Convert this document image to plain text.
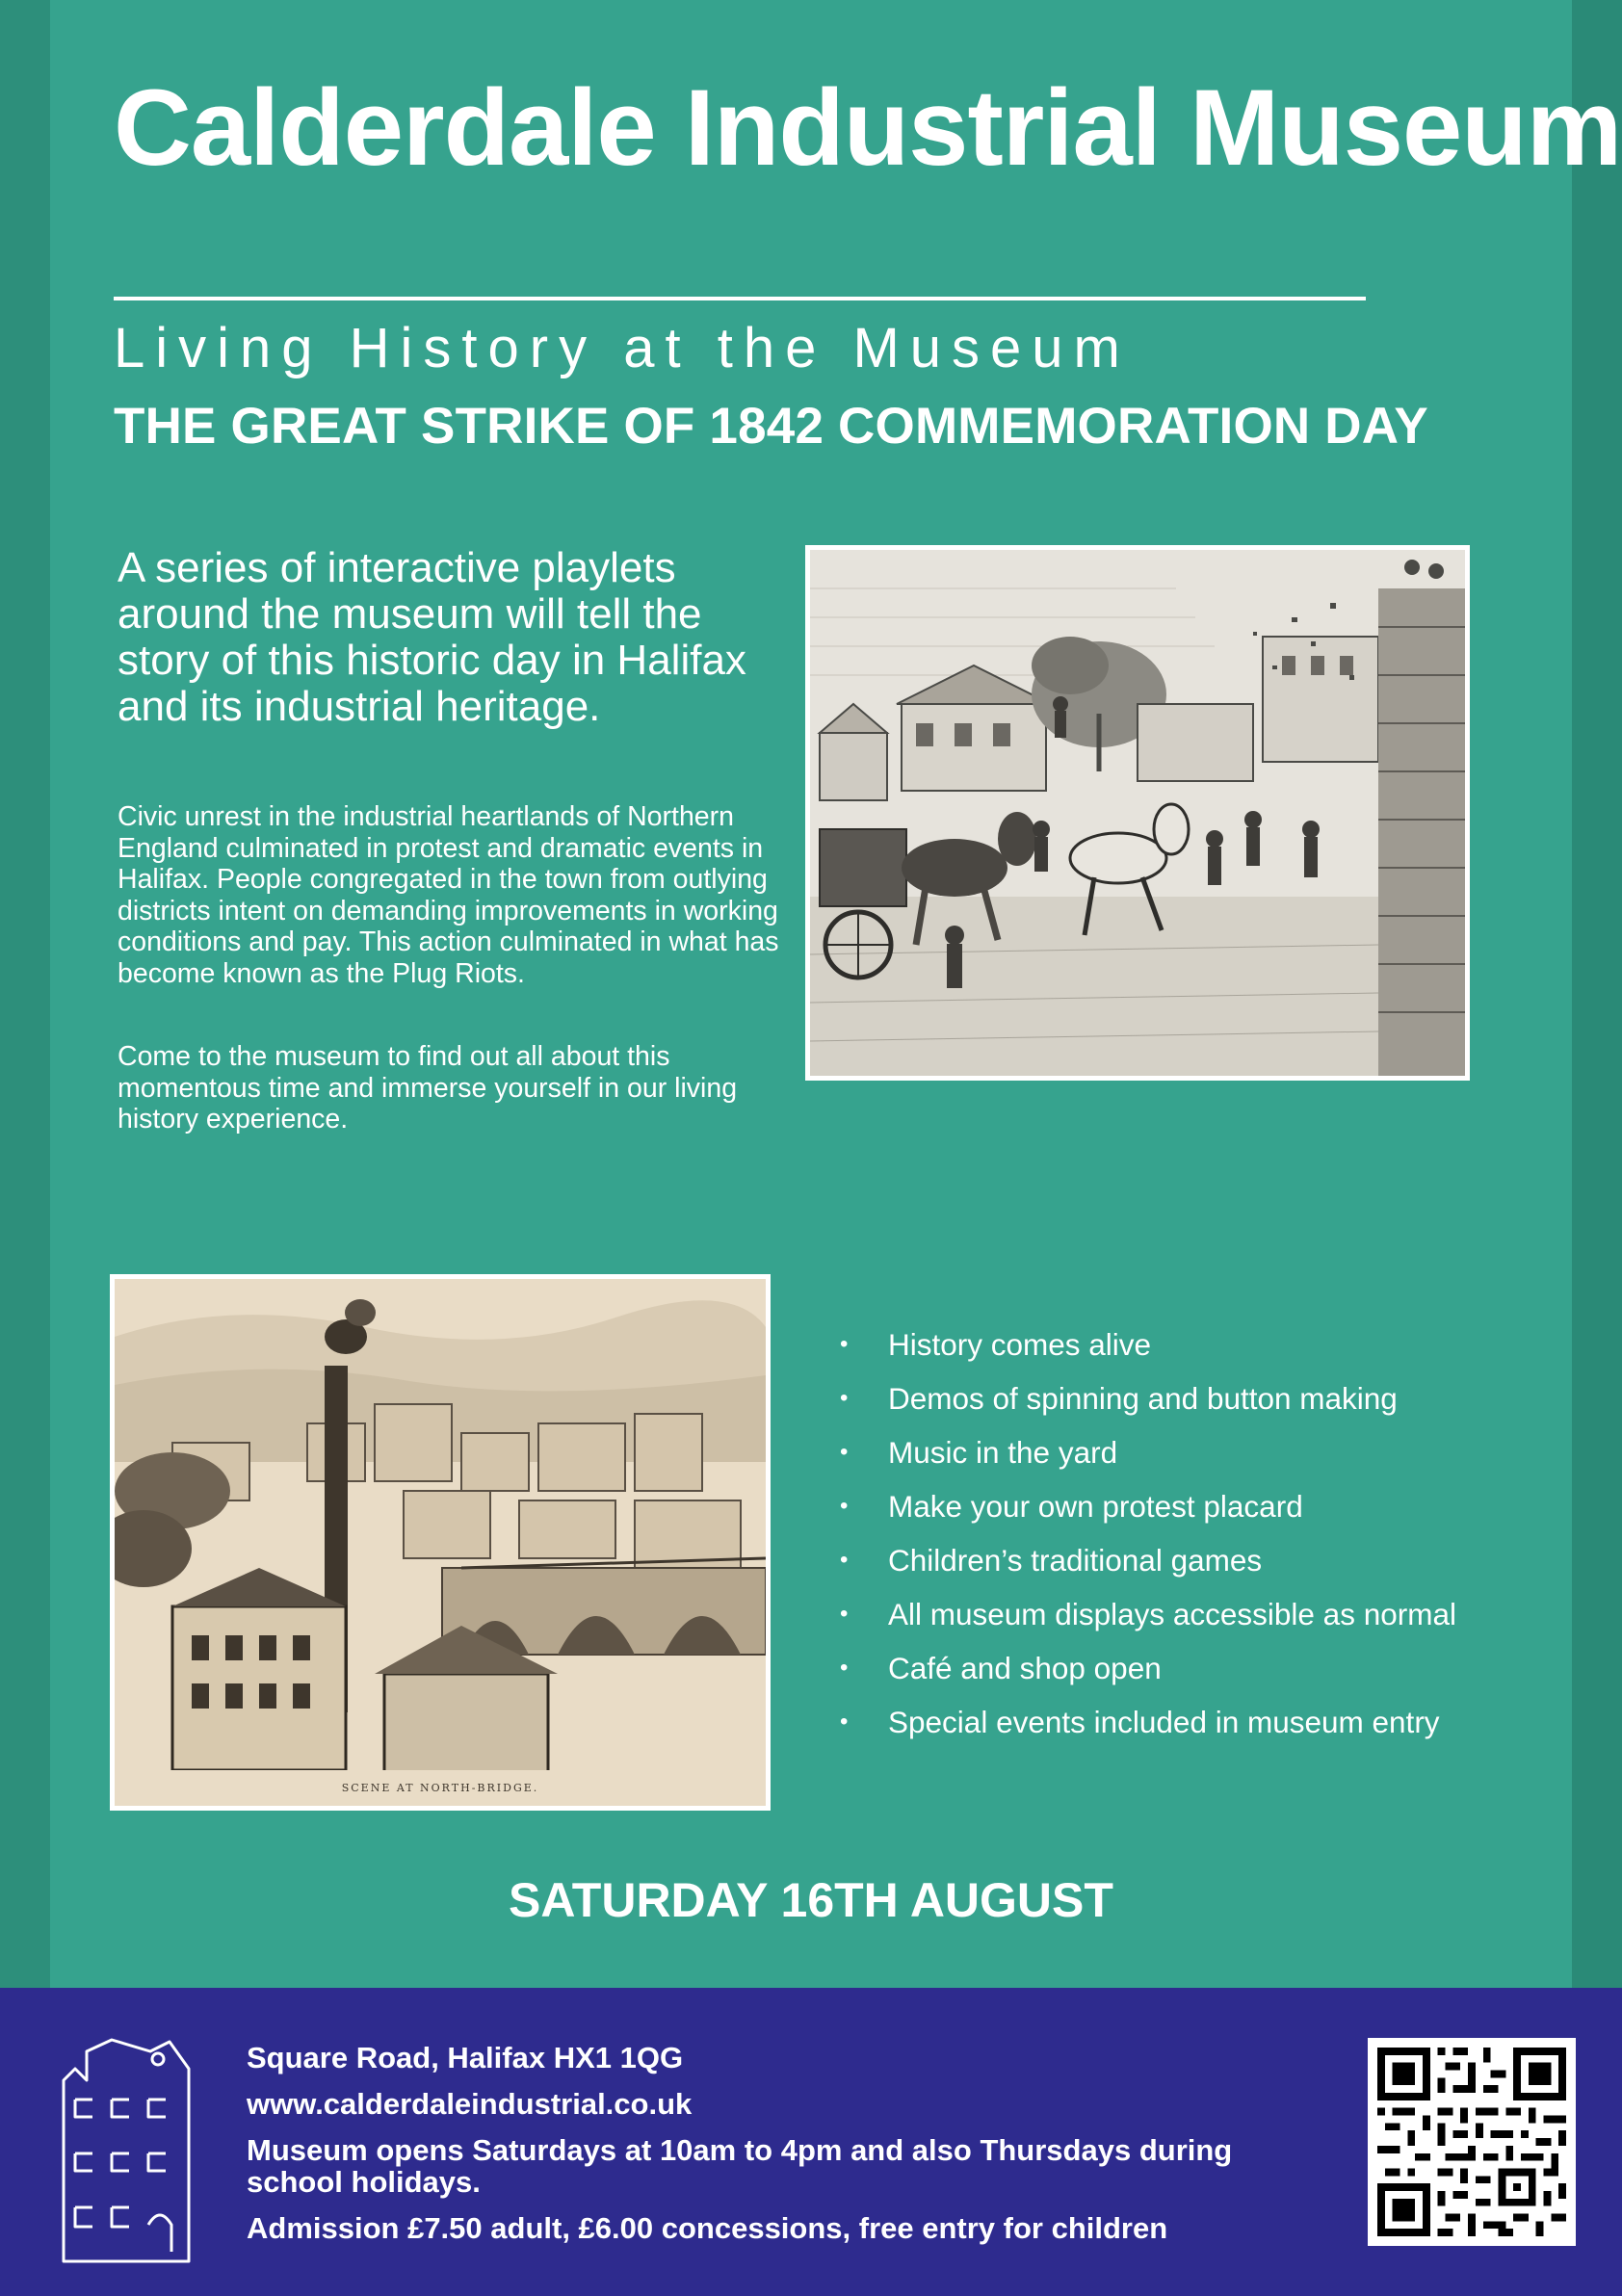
Calderdale Industrial Museum
Living History at the Museum
THE GREAT STRIKE OF 1842 COMMEMORATION DAY
A series of interactive playlets around the museum will tell the story of this historic day in Halifax and its industrial heritage.
Civic unrest in the industrial heartlands of Northern England culminated in protest and dramatic events in Halifax. People congregated in the town from outlying districts intent on demanding improvements in working conditions and pay. This action culminated in what has become known as the Plug Riots.
Come to the museum to find out all about this momentous time and immerse yourself in our living history experience.
SCENE AT NORTH-BRIDGE.
• History comes alive
• Demos of spinning and button making
• Music in the yard
• Make your own protest placard
• Children’s traditional games
• All museum displays accessible as normal
• Café and shop open
• Special events included in museum entry
SATURDAY 16TH AUGUST
Square Road, Halifax HX1 1QG
www.calderdaleindustrial.co.uk
Museum opens Saturdays at 10am to 4pm and also Thursdays during school holidays.
Admission £7.50 adult, £6.00 concessions, free entry for children
